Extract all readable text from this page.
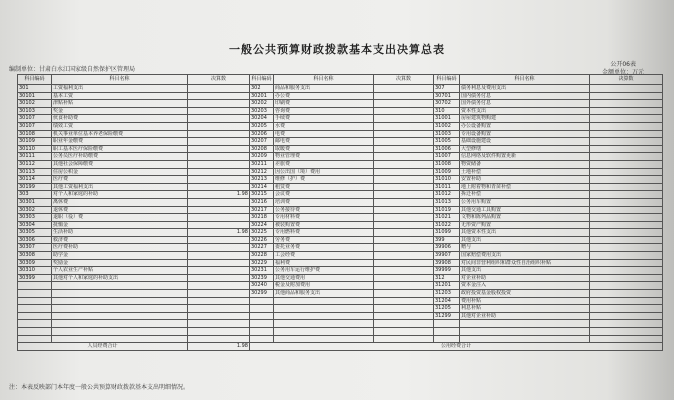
一般公共预算财政拨款基本支出决算总表
公开06表
编制单位：甘肃白水江国家级自然保护区管理局	金额单位：万元
科目编码	科目名称	决算数	科目编码	科目名称	决算数	科目编码	科目名称	决算数
301	工资福利支出		302	商品和服务支出		307	债务利息及费用支出	
30101	基本工资		30201	办公费		30701	国内债务付息	
30102	津贴补贴		30202	印刷费		30702	国外债务付息	
30103	奖金		30203	咨询费		310	资本性支出	
30107	伙食补助费		30204	手续费		31001	房屋建筑物购建	
30107	绩效工资		30205	水费		31002	办公设备购置	
30108	机关事业单位基本养老保险缴费		30206	电费		31003	专用设备购置	
30109	职业年金缴费		30207	邮电费		31005	基础设施建设	
30110	职工基本医疗保险缴费		30208	取暖费		31006	大型修缮	
30111	公务员医疗补助缴费		30209	物业管理费		31007	信息网络及软件购置更新	
30112	其他社会保障缴费		30211	差旅费		31008	物资储备	
30113	住房公积金		30212	因公出国（境）费用		31009	土地补偿	
30114	医疗费		30213	维修（护）费		31010	安置补助	
30199	其他工资福利支出		30214	租赁费		31011	地上附着物和青苗补偿	
303	对个人和家庭的补助	1.98	30215	会议费		31012	拆迁补偿	
30301	离休费		30216	培训费		31013	公务用车购置	
30302	退休费		30217	公务接待费		31019	其他交通工具购置	
30303	退职（役）费		30218	专用材料费		31021	文物和陈列品购置	
30304	抚恤金		30224	被装购置费		31022	无形资产购置	
30305	生活补助	1.98	30225	专用燃料费		31099	其他资本性支出	
30306	救济费		30226	劳务费		399	其他支出	
30307	医疗费补助		30227	委托业务费		39906	赠与	
30308	助学金		30228	工会经费		39907	国家赔偿费用支出	
30309	奖励金		30229	福利费		39908	对民间非营利组织和群众性自治组织补贴	
30310	个人农业生产补贴		30231	公务用车运行维护费		39999	其他支出	
30399	其他对个人和家庭的补助支出		30239	其他交通费用		312	对企业补助	
			30240	税金及附加费用		31201	资本金注入	
			30299	其他商品和服务支出		31203	政府投资基金股权投资	
						31204	费用补贴	
						31205	利息补贴	
						31299	其他对企业补助	

人员经费合计		1.98	公用经费合计					
注：本表反映部门本年度一般公共预算财政拨款基本支出明细情况。
